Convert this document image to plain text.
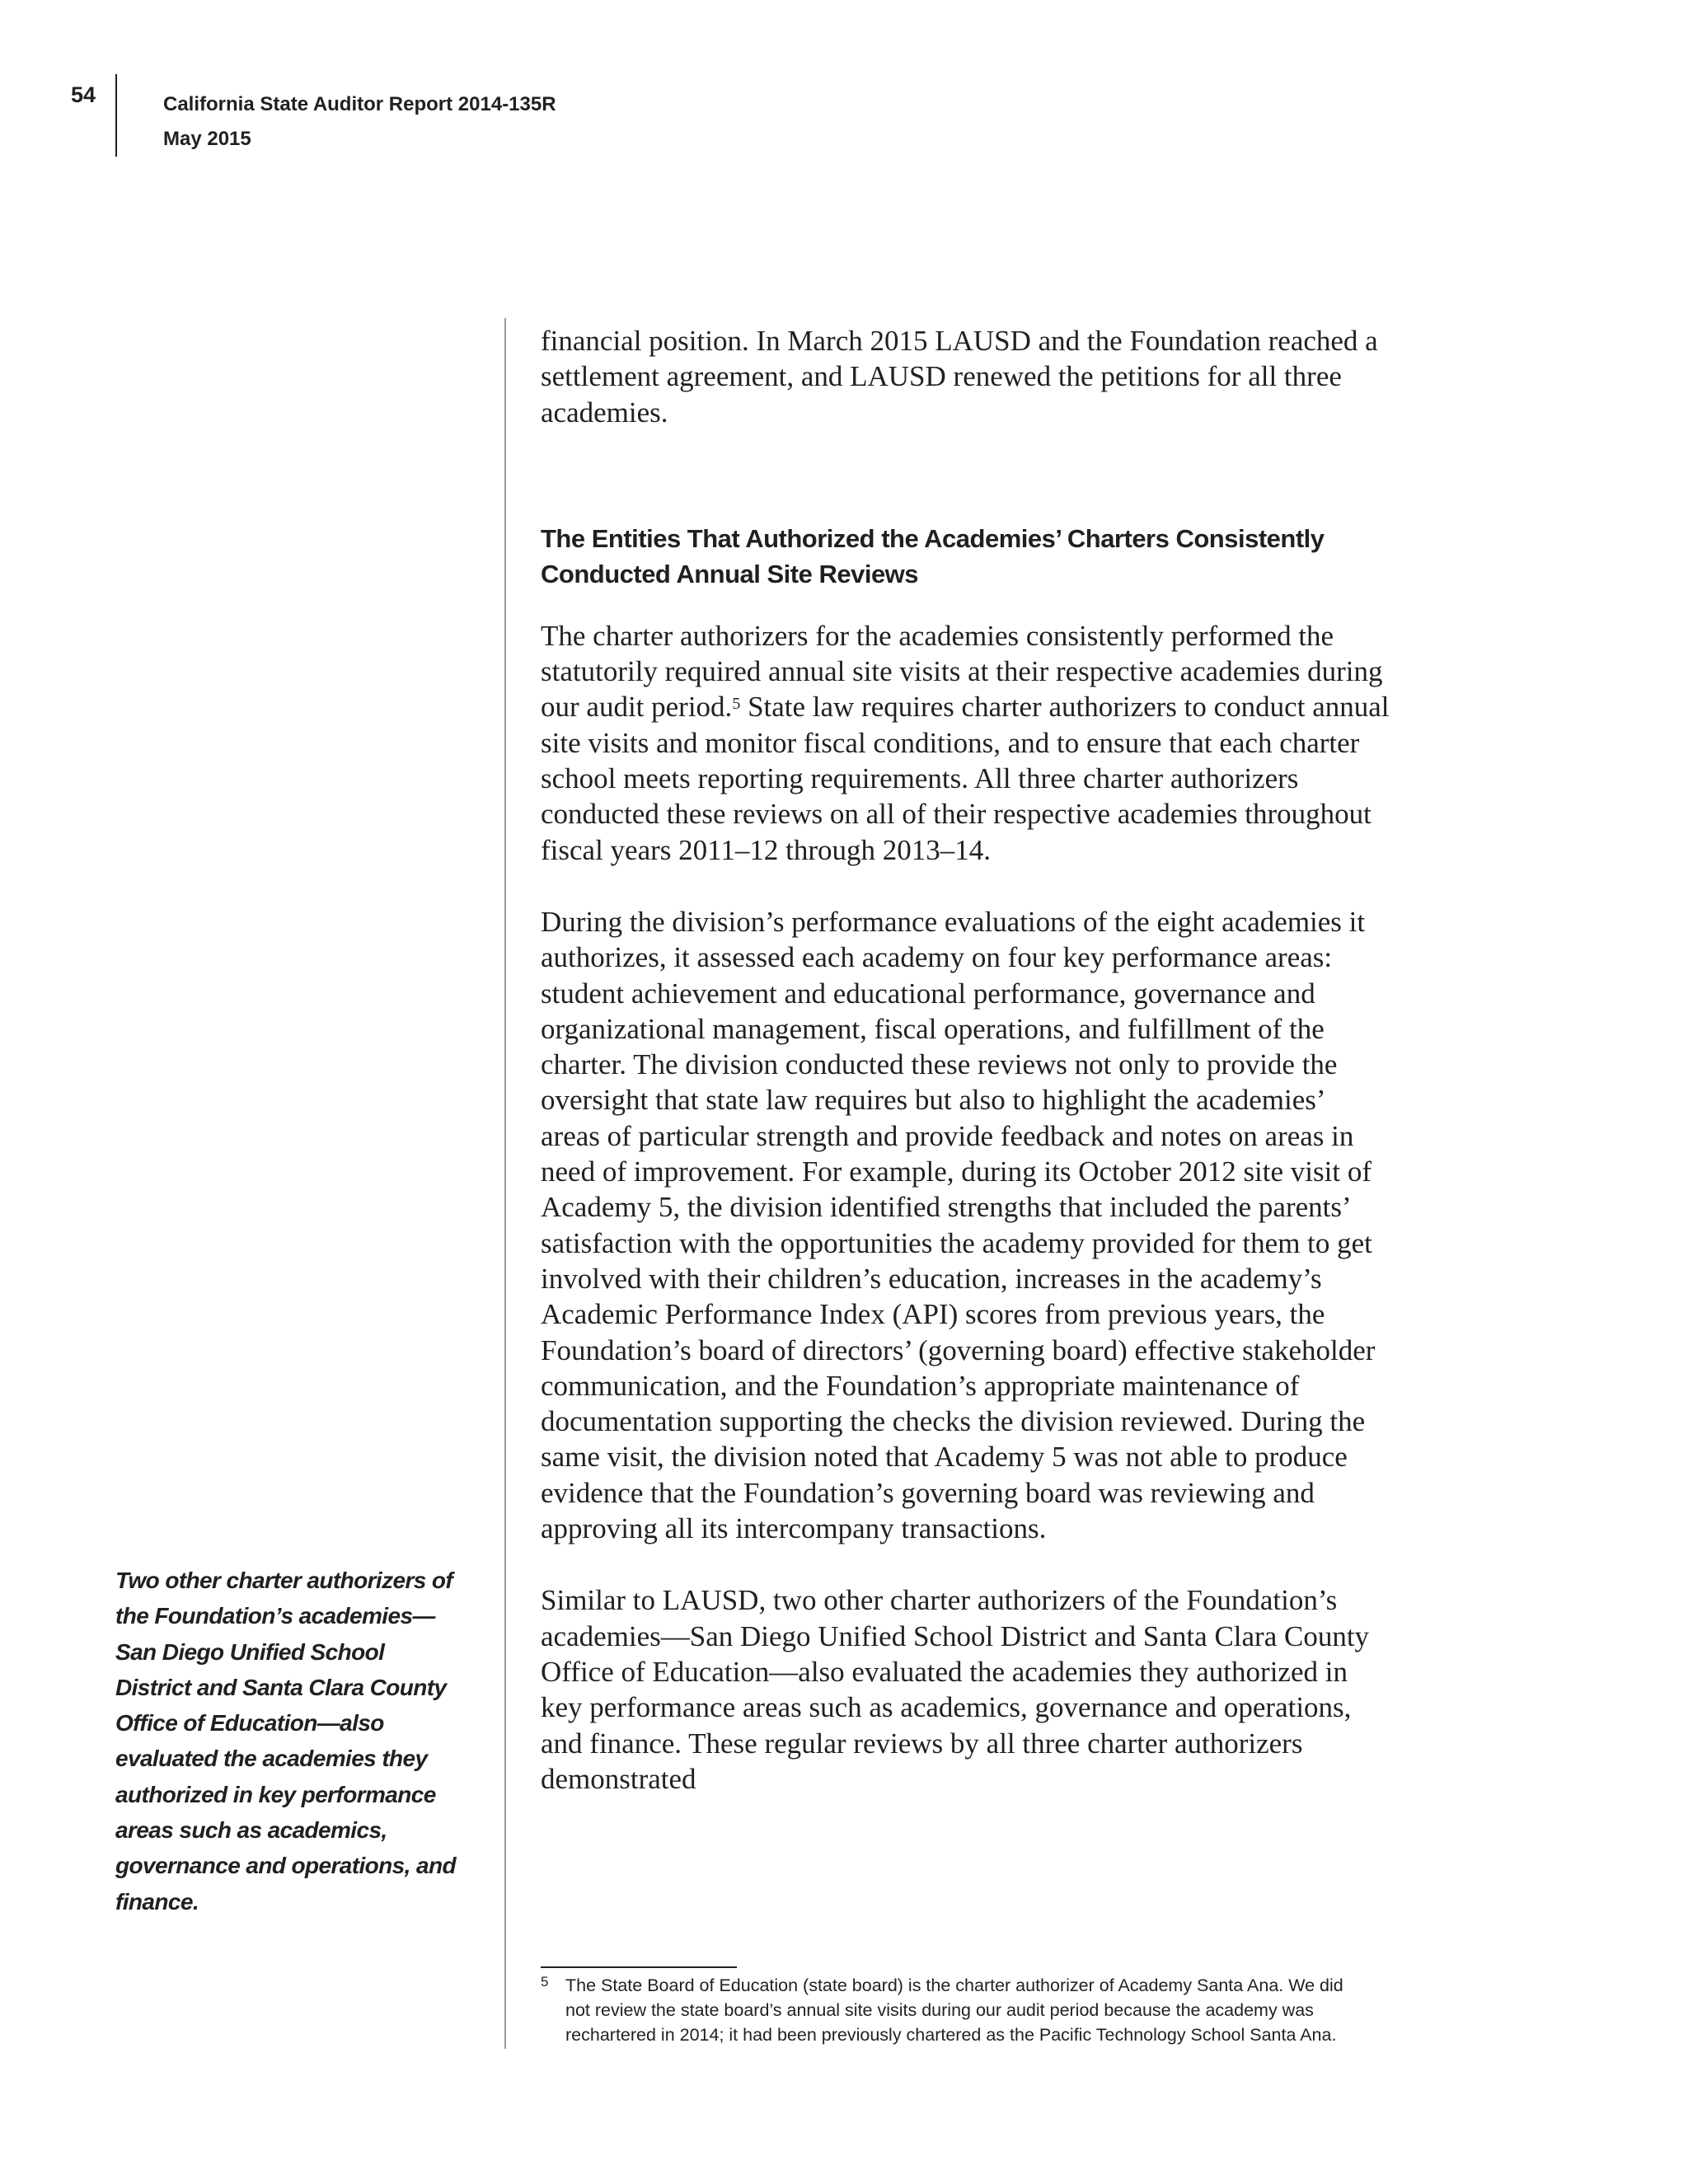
54	California State Auditor Report 2014-135R
May 2015
Two other charter authorizers of the Foundation’s academies—San Diego Unified School District and Santa Clara County Office of Education—also evaluated the academies they authorized in key performance areas such as academics, governance and operations, and finance.

financial position. In March 2015 LAUSD and the Foundation reached a settlement agreement, and LAUSD renewed the petitions for all three academies.

The Entities That Authorized the Academies’ Charters Consistently Conducted Annual Site Reviews

The charter authorizers for the academies consistently performed the statutorily required annual site visits at their respective academies during our audit period.$^5$ State law requires charter authorizers to conduct annual site visits and monitor fiscal conditions, and to ensure that each charter school meets reporting requirements. All three charter authorizers conducted these reviews on all of their respective academies throughout fiscal years 2011–12 through 2013–14.

During the division’s performance evaluations of the eight academies it authorizes, it assessed each academy on four key performance areas: student achievement and educational performance, governance and organizational management, fiscal operations, and fulfillment of the charter. The division conducted these reviews not only to provide the oversight that state law requires but also to highlight the academies’ areas of particular strength and provide feedback and notes on areas in need of improvement. For example, during its October 2012 site visit of Academy 5, the division identified strengths that included the parents’ satisfaction with the opportunities the academy provided for them to get involved with their children’s education, increases in the academy’s Academic Performance Index (API) scores from previous years, the Foundation’s board of directors’ (governing board) effective stakeholder communication, and the Foundation’s appropriate maintenance of documentation supporting the checks the division reviewed. During the same visit, the division noted that Academy 5 was not able to produce evidence that the Foundation’s governing board was reviewing and approving all its intercompany transactions.

Similar to LAUSD, two other charter authorizers of the Foundation’s academies—San Diego Unified School District and Santa Clara County Office of Education—also evaluated the academies they authorized in key performance areas such as academics, governance and operations, and finance. These regular reviews by all three charter authorizers demonstrated

5 The State Board of Education (state board) is the charter authorizer of Academy Santa Ana. We did not review the state board’s annual site visits during our audit period because the academy was rechartered in 2014; it had been previously chartered as the Pacific Technology School Santa Ana.
